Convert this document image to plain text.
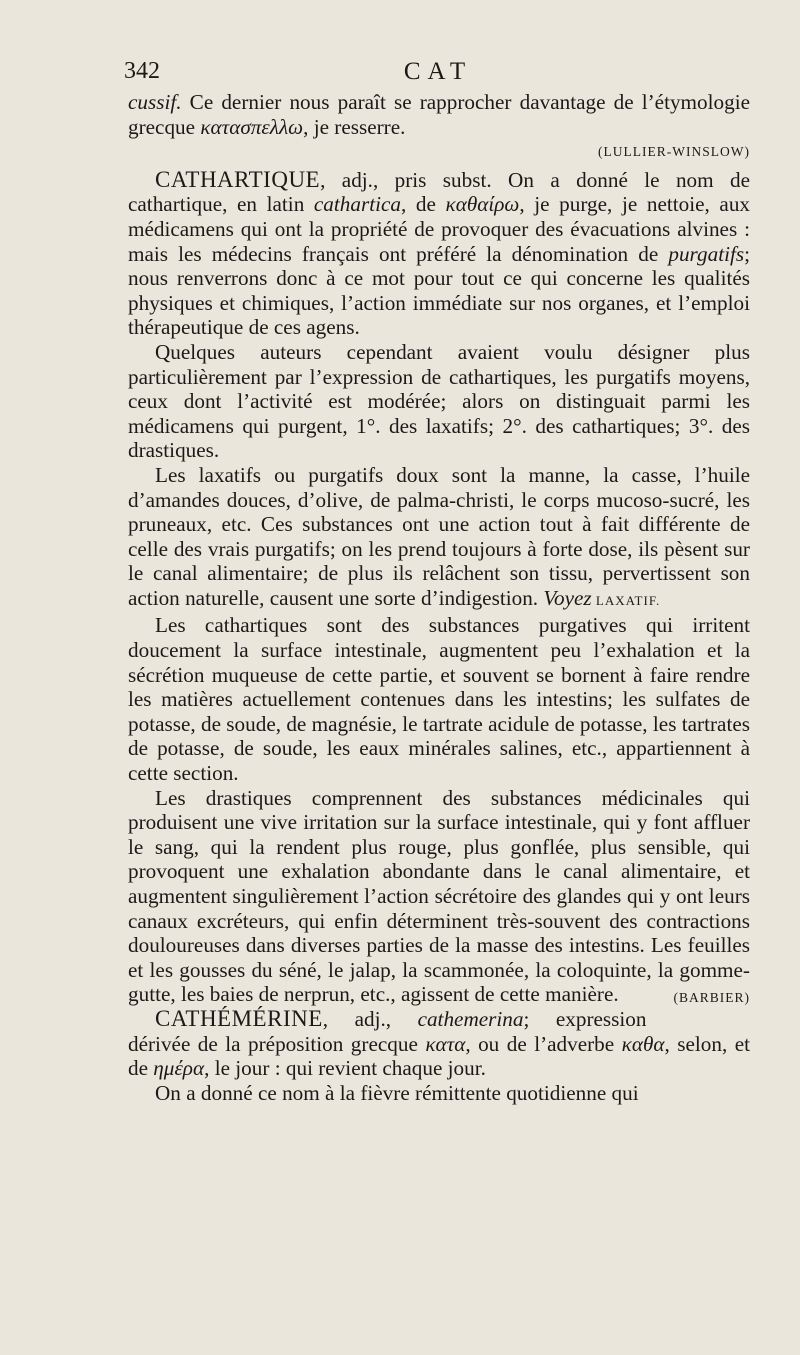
342	CAT

cussif. Ce dernier nous paraît se rapprocher davantage de l’étymologie grecque κατασπελλω, je resserre.

(LULLIER-WINSLOW)

CATHARTIQUE, adj., pris subst. On a donné le nom de cathartique, en latin cathartica, de καθαίρω, je purge, je nettoie, aux médicamens qui ont la propriété de provoquer des évacuations alvines : mais les médecins français ont préféré la dénomination de purgatifs; nous renverrons donc à ce mot pour tout ce qui concerne les qualités physiques et chimiques, l’action immédiate sur nos organes, et l’emploi thérapeutique de ces agens.

Quelques auteurs cependant avaient voulu désigner plus particulièrement par l’expression de cathartiques, les purgatifs moyens, ceux dont l’activité est modérée; alors on distinguait parmi les médicamens qui purgent, 1°. des laxatifs; 2°. des cathartiques; 3°. des drastiques.

Les laxatifs ou purgatifs doux sont la manne, la casse, l’huile d’amandes douces, d’olive, de palma-christi, le corps mucoso-sucré, les pruneaux, etc. Ces substances ont une action tout à fait différente de celle des vrais purgatifs; on les prend toujours à forte dose, ils pèsent sur le canal alimentaire; de plus ils relâchent son tissu, pervertissent son action naturelle, causent une sorte d’indigestion. Voyez LAXATIF.

Les cathartiques sont des substances purgatives qui irritent doucement la surface intestinale, augmentent peu l’exhalation et la sécrétion muqueuse de cette partie, et souvent se bornent à faire rendre les matières actuellement contenues dans les intestins; les sulfates de potasse, de soude, de magnésie, le tartrate acidule de potasse, les tartrates de potasse, de soude, les eaux minérales salines, etc., appartiennent à cette section.

Les drastiques comprennent des substances médicinales qui produisent une vive irritation sur la surface intestinale, qui y font affluer le sang, qui la rendent plus rouge, plus gonflée, plus sensible, qui provoquent une exhalation abondante dans le canal alimentaire, et augmentent singulièrement l’action sécrétoire des glandes qui y ont leurs canaux excréteurs, qui enfin déterminent très-souvent des contractions douloureuses dans diverses parties de la masse des intestins. Les feuilles et les gousses du séné, le jalap, la scammonée, la coloquinte, la gomme-gutte, les baies de nerprun, etc., agissent de cette manière.	(BARBIER)

CATHÉMÉRINE, adj., cathemerina; expression dérivée de la préposition grecque κατα, ou de l’adverbe καθα, selon, et de ημέρα, le jour : qui revient chaque jour.

On a donné ce nom à la fièvre rémittente quotidienne qui
